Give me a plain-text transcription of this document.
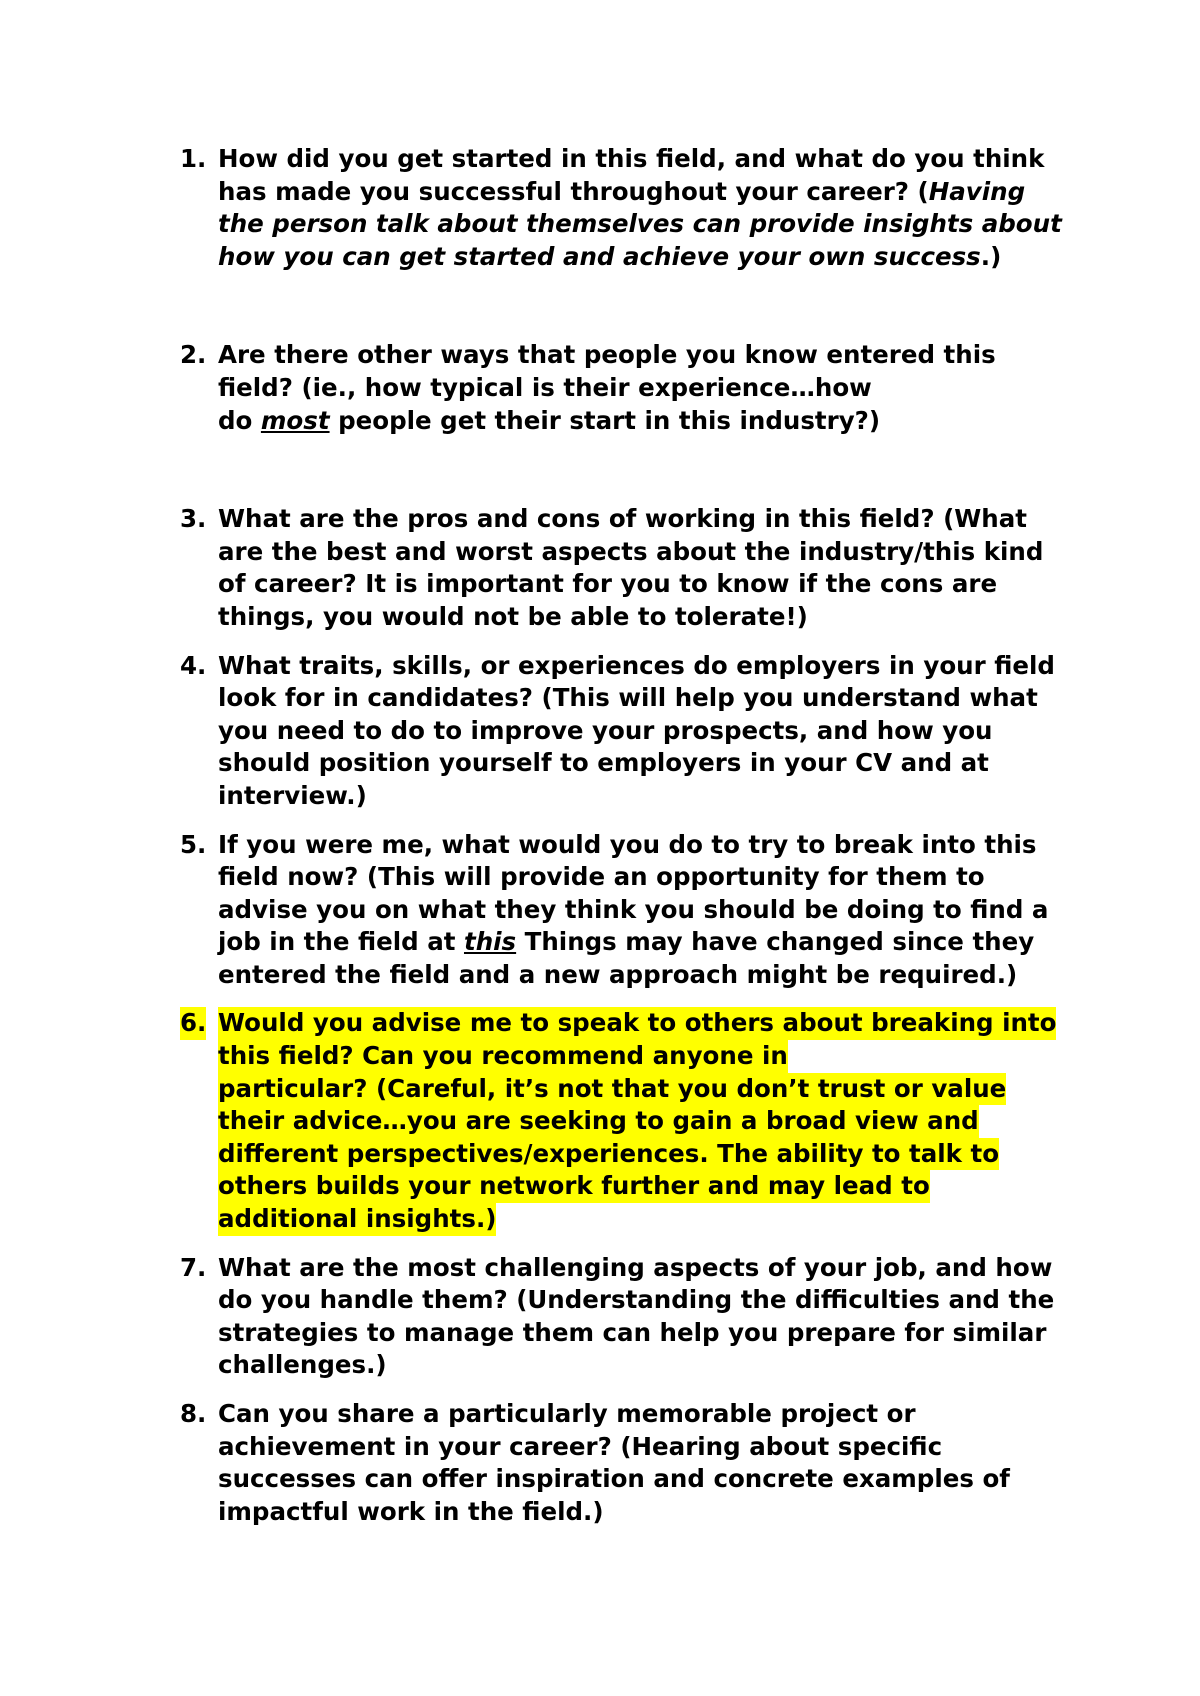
1. How did you get started in this field, and what do you think
has made you successful throughout your career? (Having
the person talk about themselves can provide insights about
how you can get started and achieve your own success.)
2. Are there other ways that people you know entered this
field? (ie., how typical is their experience…how
do most people get their start in this industry?)
3. What are the pros and cons of working in this field? (What
are the best and worst aspects about the industry/this kind
of career? It is important for you to know if the cons are
things, you would not be able to tolerate!)
4. What traits, skills, or experiences do employers in your field
look for in candidates? (This will help you understand what
you need to do to improve your prospects, and how you
should position yourself to employers in your CV and at
interview.)
5. If you were me, what would you do to try to break into this
field now? (This will provide an opportunity for them to
advise you on what they think you should be doing to find a
job in the field at this Things may have changed since they
entered the field and a new approach might be required.)
6. Would you advise me to speak to others about breaking into
this field? Can you recommend anyone in
particular? (Careful, it’s not that you don’t trust or value
their advice…you are seeking to gain a broad view and
different perspectives/experiences. The ability to talk to
others builds your network further and may lead to
additional insights.)
7. What are the most challenging aspects of your job, and how
do you handle them? (Understanding the difficulties and the
strategies to manage them can help you prepare for similar
challenges.)
8. Can you share a particularly memorable project or
achievement in your career? (Hearing about specific
successes can offer inspiration and concrete examples of
impactful work in the field.)
